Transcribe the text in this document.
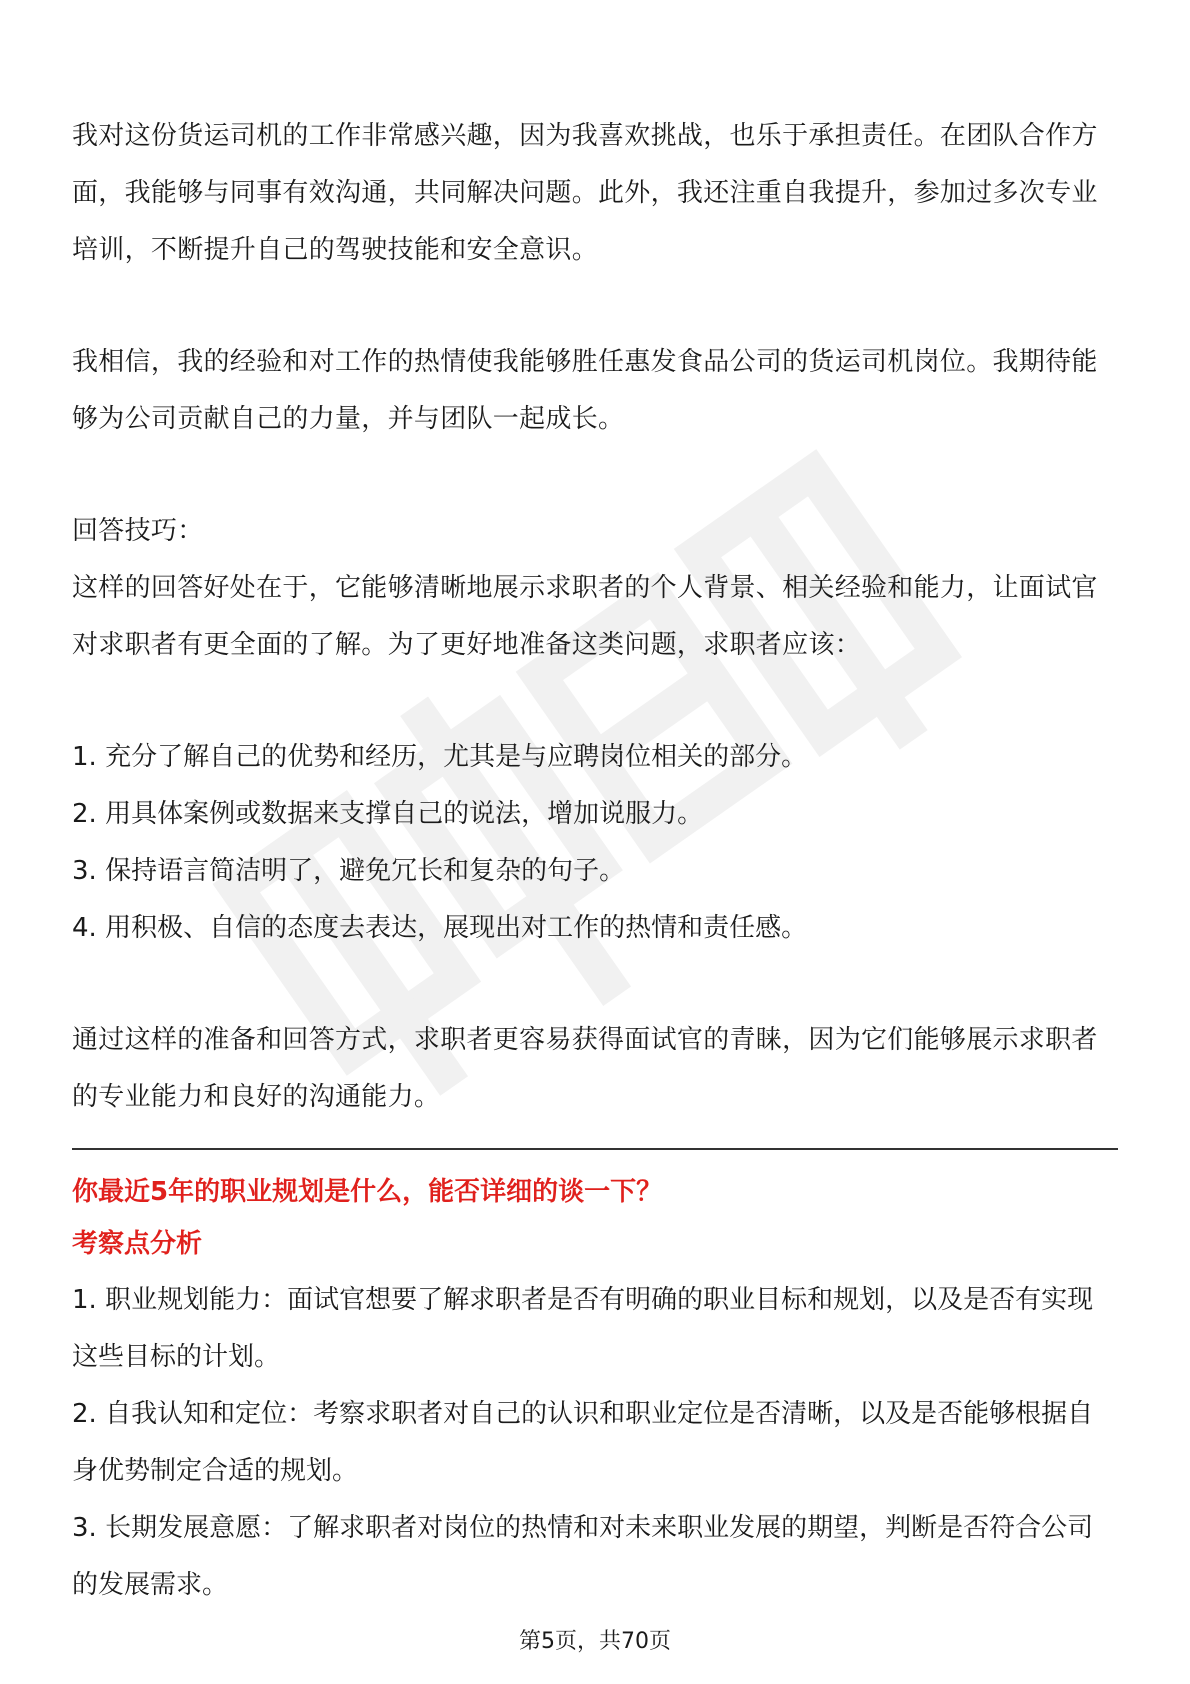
我对这份货运司机的工作非常感兴趣，因为我喜欢挑战，也乐于承担责任。在团队合作方面，我能够与同事有效沟通，共同解决问题。此外，我还注重自我提升，参加过多次专业培训，不断提升自己的驾驶技能和安全意识。

我相信，我的经验和对工作的热情使我能够胜任惠发食品公司的货运司机岗位。我期待能够为公司贡献自己的力量，并与团队一起成长。

回答技巧：

这样的回答好处在于，它能够清晰地展示求职者的个人背景、相关经验和能力，让面试官对求职者有更全面的了解。为了更好地准备这类问题，求职者应该：

1. 充分了解自己的优势和经历，尤其是与应聘岗位相关的部分。

2. 用具体案例或数据来支撑自己的说法，增加说服力。

3. 保持语言简洁明了，避免冗长和复杂的句子。

4. 用积极、自信的态度去表达，展现出对工作的热情和责任感。

通过这样的准备和回答方式，求职者更容易获得面试官的青睐，因为它们能够展示求职者的专业能力和良好的沟通能力。

你最近5年的职业规划是什么，能否详细的谈一下？

考察点分析

1. 职业规划能力：面试官想要了解求职者是否有明确的职业目标和规划，以及是否有实现这些目标的计划。

2. 自我认知和定位：考察求职者对自己的认识和职业定位是否清晰，以及是否能够根据自身优势制定合适的规划。

3. 长期发展意愿：了解求职者对岗位的热情和对未来职业发展的期望，判断是否符合公司的发展需求。

第5页，共70页
